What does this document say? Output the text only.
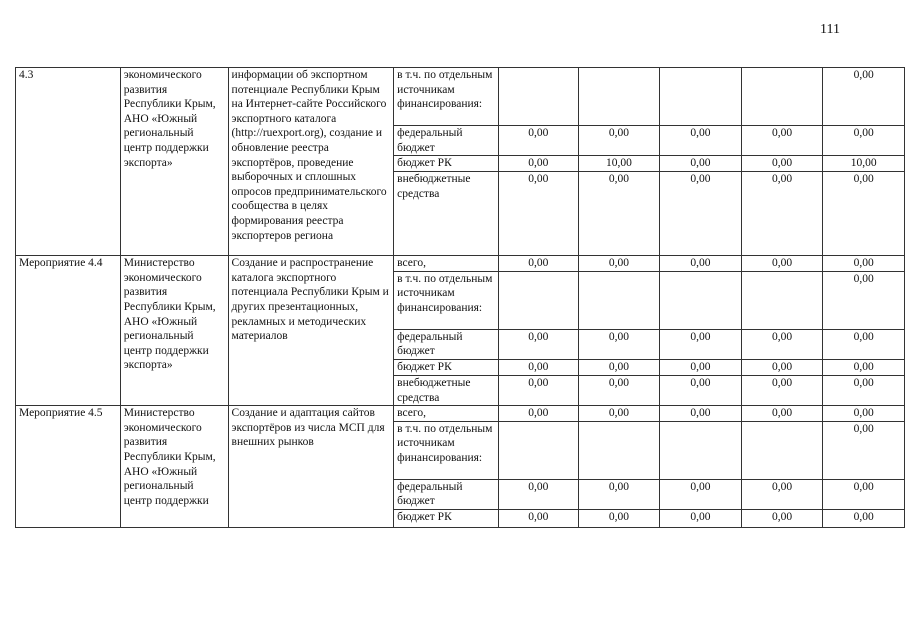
111
4.3	экономического развития Республики Крым, АНО «Южный региональный центр поддержки экспорта»	информации об экспортном потенциале Республики Крым на Интернет-сайте Российского экспортного каталога (http://ruexport.org), создание и обновление реестра экспортёров, проведение выборочных и сплошных опросов предпринимательского сообщества в целях формирования реестра экспортеров региона	в т.ч. по отдельным источникам финансирования:					0,00
			федеральный бюджет	0,00	0,00	0,00	0,00	0,00
			бюджет РК	0,00	10,00	0,00	0,00	10,00
			внебюджетные средства	0,00	0,00	0,00	0,00	0,00
Мероприятие 4.4	Министерство экономического развития Республики Крым, АНО «Южный региональный центр поддержки экспорта»	Создание и распространение каталога экспортного потенциала Республики Крым и других презентационных, рекламных и методических материалов	всего,	0,00	0,00	0,00	0,00	0,00
			в т.ч. по отдельным источникам финансирования:					0,00
			федеральный бюджет	0,00	0,00	0,00	0,00	0,00
			бюджет РК	0,00	0,00	0,00	0,00	0,00
			внебюджетные средства	0,00	0,00	0,00	0,00	0,00
Мероприятие 4.5	Министерство экономического развития Республики Крым, АНО «Южный региональный центр поддержки	Создание и адаптация сайтов экспортёров из числа МСП для внешних рынков	всего,	0,00	0,00	0,00	0,00	0,00
			в т.ч. по отдельным источникам финансирования:					0,00
			федеральный бюджет	0,00	0,00	0,00	0,00	0,00
			бюджет РК	0,00	0,00	0,00	0,00	0,00
